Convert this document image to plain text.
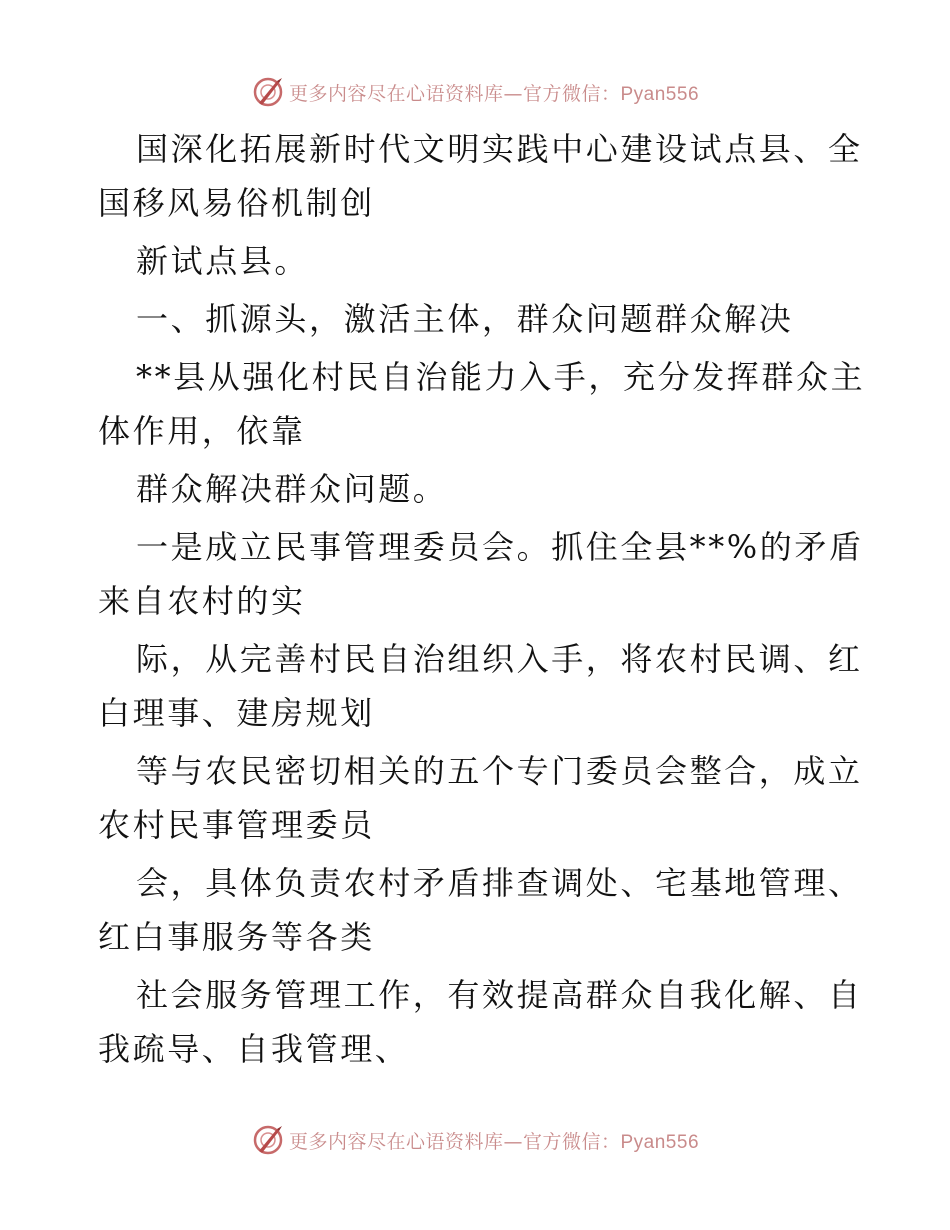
更多内容尽在心语资料库—官方微信：Pyan556
国深化拓展新时代文明实践中心建设试点县、全
国移风易俗机制创
新试点县。
一、抓源头，激活主体，群众问题群众解决
**县从强化村民自治能力入手，充分发挥群众主
体作用，依靠
群众解决群众问题。
一是成立民事管理委员会。抓住全县**%的矛盾
来自农村的实
际，从完善村民自治组织入手，将农村民调、红
白理事、建房规划
等与农民密切相关的五个专门委员会整合，成立
农村民事管理委员
会，具体负责农村矛盾排查调处、宅基地管理、
红白事服务等各类
社会服务管理工作，有效提高群众自我化解、自
我疏导、自我管理、
更多内容尽在心语资料库—官方微信：Pyan556
